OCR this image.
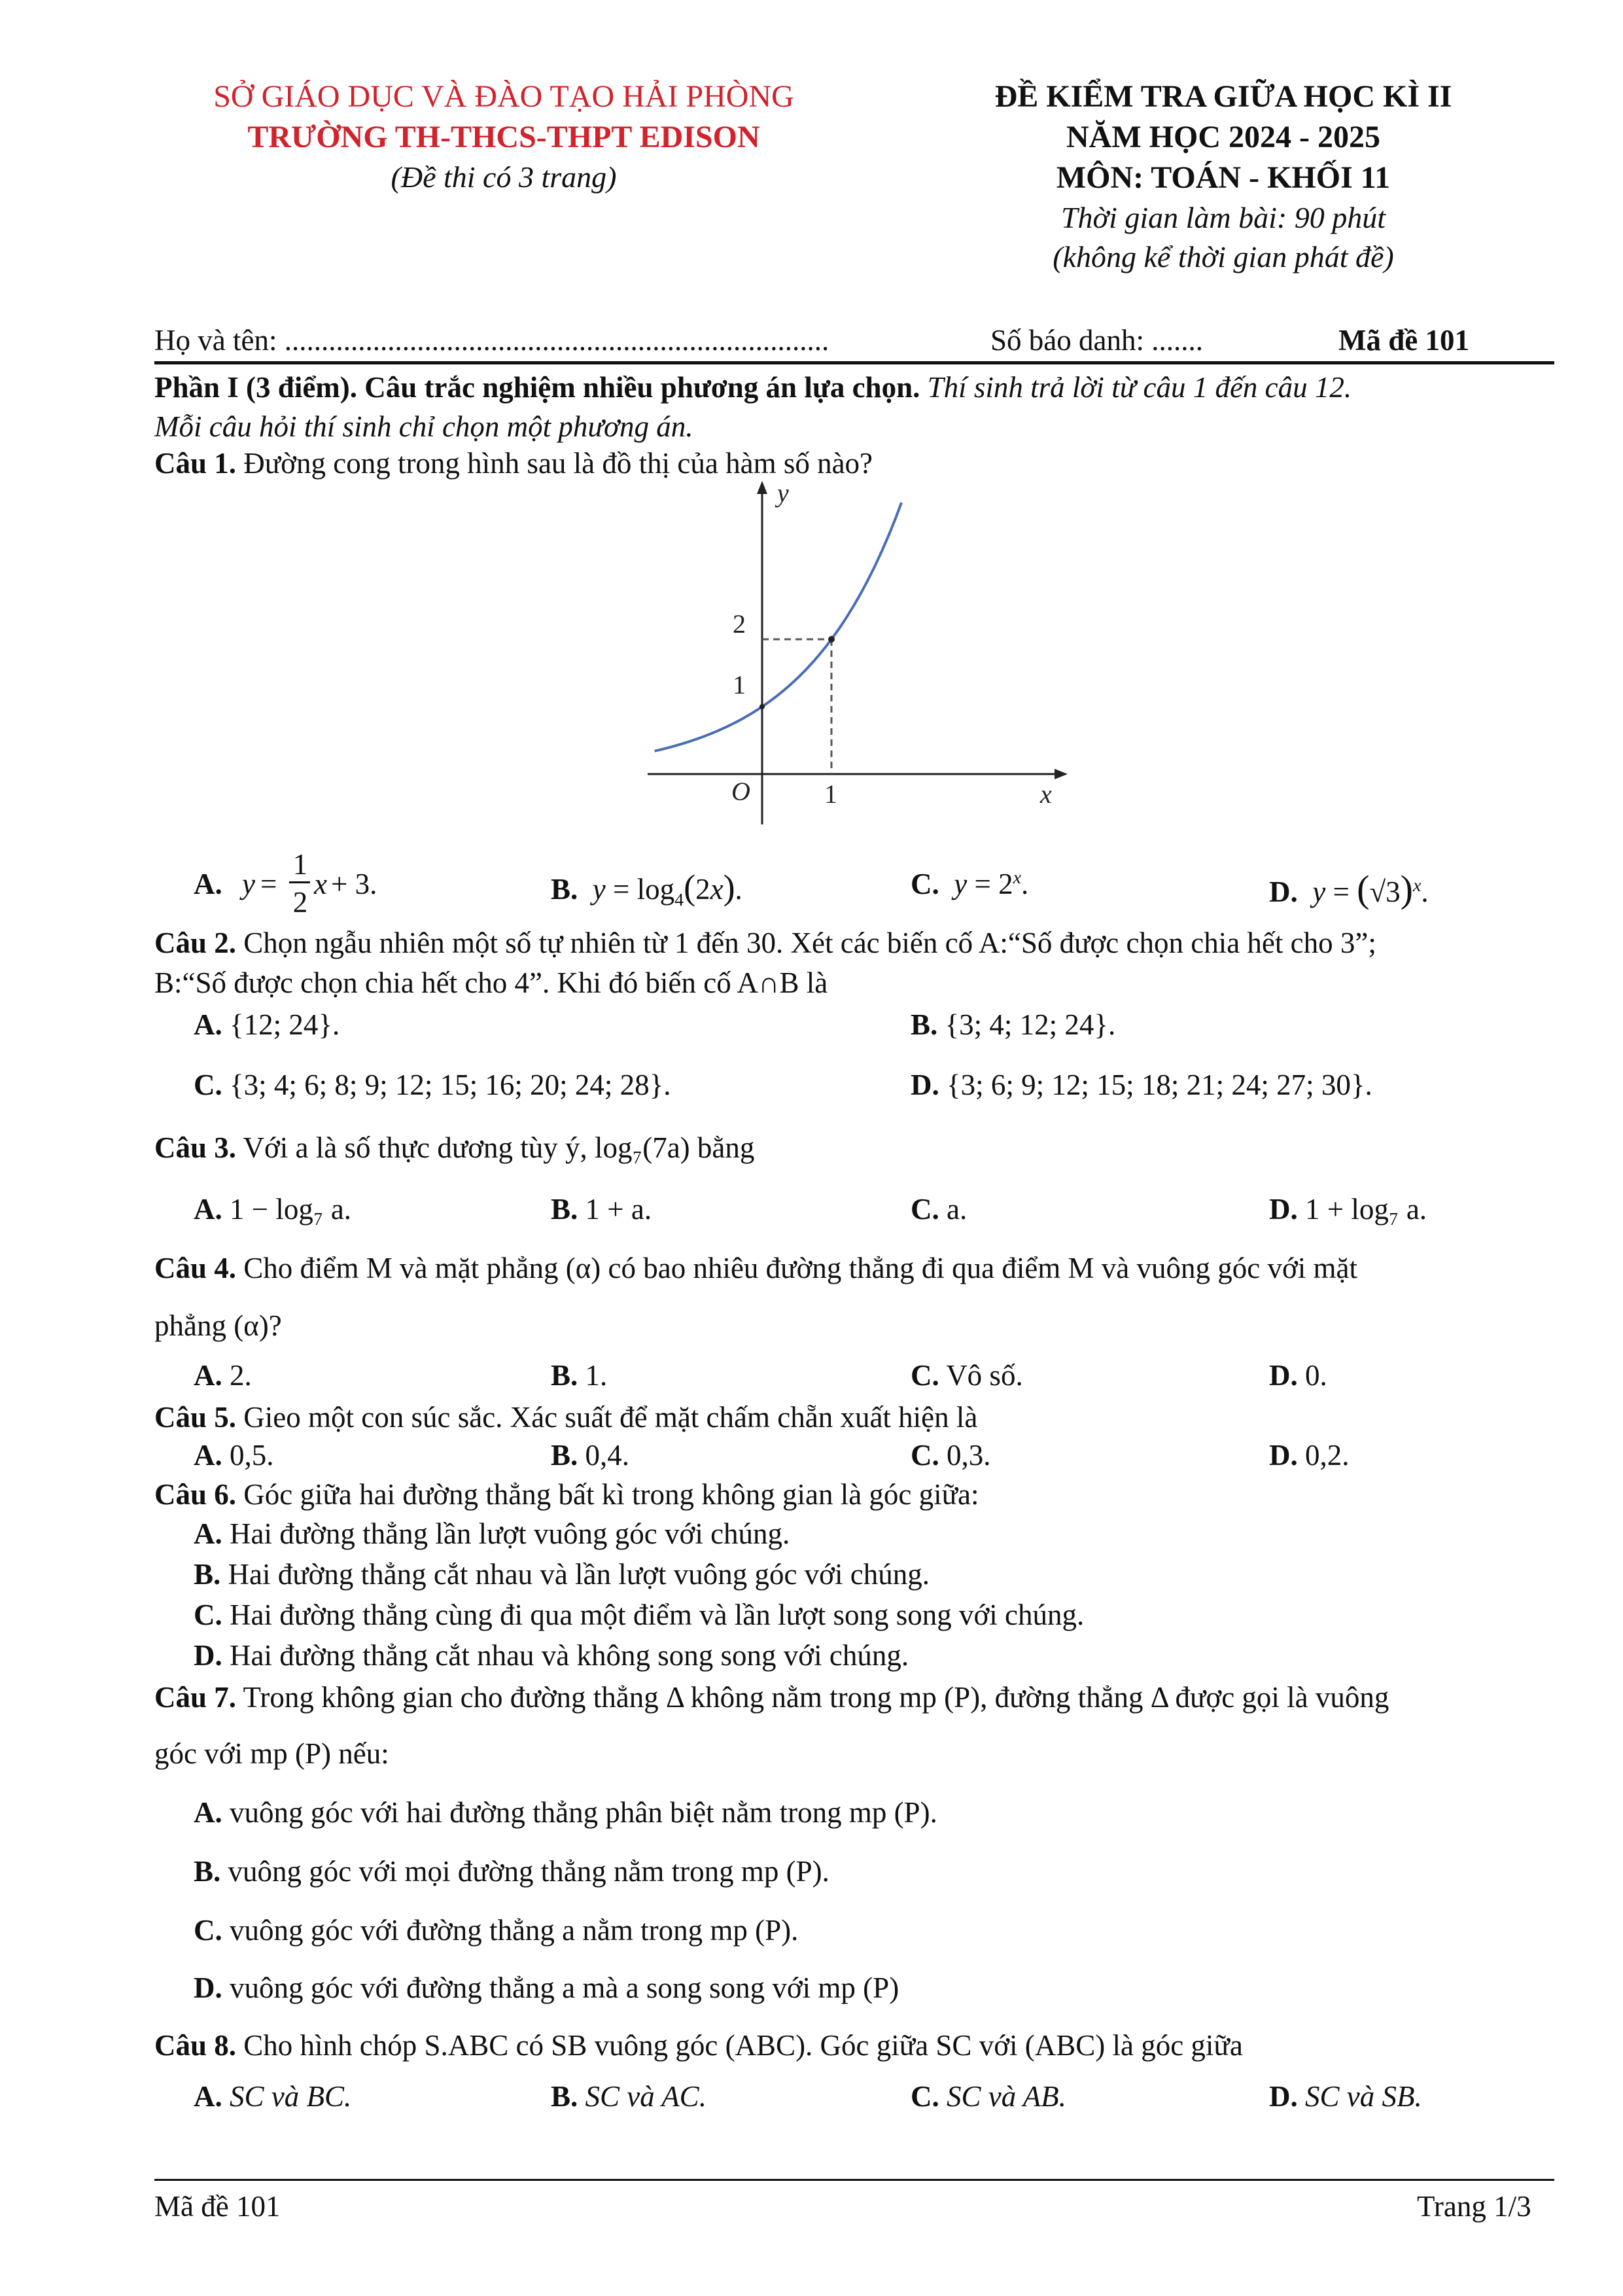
SỞ GIÁO DỤC VÀ ĐÀO TẠO HẢI PHÒNG
TRƯỜNG TH-THCS-THPT EDISON
(Đề thi có 3 trang)
ĐỀ KIỂM TRA GIỮA HỌC KÌ II
NĂM HỌC 2024 - 2025
MÔN: TOÁN - KHỐI 11
Thời gian làm bài: 90 phút
(không kể thời gian phát đề)
Họ và tên: ..........................................................................	Số báo danh: .......	Mã đề 101
Phần I (3 điểm). Câu trắc nghiệm nhiều phương án lựa chọn. Thí sinh trả lời từ câu 1 đến câu 12.
Mỗi câu hỏi thí sinh chỉ chọn một phương án.
Câu 1. Đường cong trong hình sau là đồ thị của hàm số nào?
y
x
O
1
2
1
A. y =
1
2
x + 3.	B.  $y = \log_4(2x)$.	C.  $y = 2^x$.	D.  $y = (√3)^x$.
Câu 2. Chọn ngẫu nhiên một số tự nhiên từ 1 đến 30. Xét các biến cố A:“Số được chọn chia hết cho 3”;
B:“Số được chọn chia hết cho 4”. Khi đó biến cố A∩B là
A. {12; 24}.	B. {3; 4; 12; 24}.
C. {3; 4; 6; 8; 9; 12; 15; 16; 20; 24; 28}.	D. {3; 6; 9; 12; 15; 18; 21; 24; 27; 30}.
Câu 3. Với a là số thực dương tùy ý, log₇(7a) bằng
A. 1 − log₇ a.	B. 1 + a.	C. a.	D. 1 + log₇ a.
Câu 4. Cho điểm M và mặt phẳng (α) có bao nhiêu đường thẳng đi qua điểm M và vuông góc với mặt
phẳng (α)?
A. 2.	B. 1.	C. Vô số.	D. 0.
Câu 5. Gieo một con súc sắc. Xác suất để mặt chấm chẵn xuất hiện là
A. 0,5.	B. 0,4.	C. 0,3.	D. 0,2.
Câu 6. Góc giữa hai đường thẳng bất kì trong không gian là góc giữa:
A. Hai đường thẳng lần lượt vuông góc với chúng.
B. Hai đường thẳng cắt nhau và lần lượt vuông góc với chúng.
C. Hai đường thẳng cùng đi qua một điểm và lần lượt song song với chúng.
D. Hai đường thẳng cắt nhau và không song song với chúng.
Câu 7. Trong không gian cho đường thẳng Δ không nằm trong mp (P), đường thẳng Δ được gọi là vuông
góc với mp (P) nếu:
A. vuông góc với hai đường thẳng phân biệt nằm trong mp (P).
B. vuông góc với mọi đường thẳng nằm trong mp (P).
C. vuông góc với đường thẳng a nằm trong mp (P).
D. vuông góc với đường thẳng a mà a song song với mp (P)
Câu 8. Cho hình chóp S.ABC có SB vuông góc (ABC). Góc giữa SC với (ABC) là góc giữa
A. SC và BC.	B. SC và AC.	C. SC và AB.	D. SC và SB.
Mã đề 101	Trang 1/3
